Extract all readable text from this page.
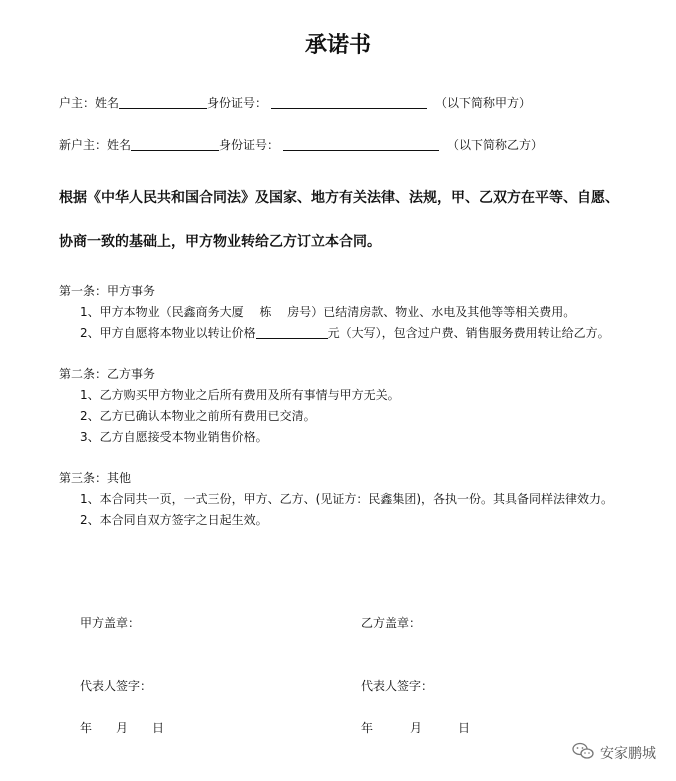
承诺书
户主：姓名	身份证号：	（以下简称甲方）
新户主：姓名	身份证号：	（以下简称乙方）
根据《中华人民共和国合同法》及国家、地方有关法律、法规，甲、乙双方在平等、自愿、
协商一致的基础上，甲方物业转给乙方订立本合同。
第一条：甲方事务
1、甲方本物业（民鑫商务大厦　 栋　 房号）已结清房款、物业、水电及其他等等相关费用。
2、甲方自愿将本物业以转让价格	元（大写），包含过户费、销售服务费用转让给乙方。
第二条：乙方事务
1、乙方购买甲方物业之后所有费用及所有事情与甲方无关。
2、乙方已确认本物业之前所有费用已交清。
3、乙方自愿接受本物业销售价格。
第三条：其他
1、本合同共一页，一式三份，甲方、乙方、(见证方：民鑫集团)，各执一份。其具备同样法律效力。
2、本合同自双方签字之日起生效。
甲方盖章：	乙方盖章：
代表人签字：	代表人签字：
年 月 日	年	月	日
安家鹏城
